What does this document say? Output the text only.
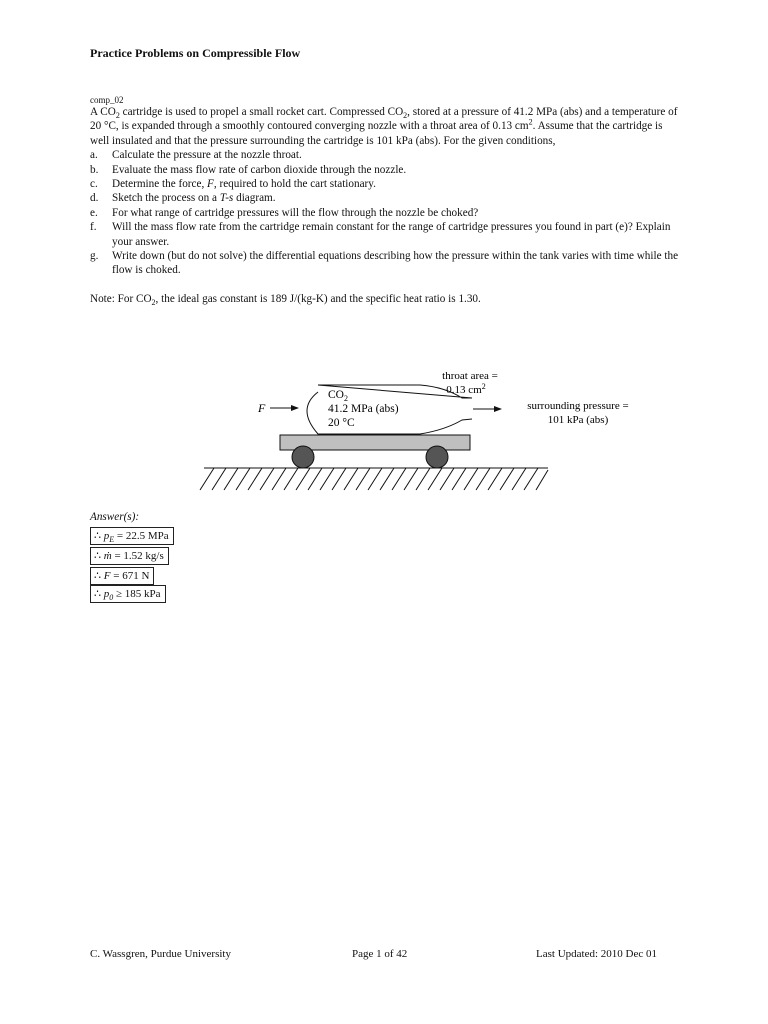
Practice Problems on Compressible Flow
comp_02

A $CO_2$ cartridge is used to propel a small rocket cart. Compressed $CO_2$, stored at a pressure of 41.2 MPa (abs) and a temperature of 20 °C, is expanded through a smoothly contoured converging nozzle with a throat area of 0.13 $cm^2$. Assume that the cartridge is well insulated and that the pressure surrounding the cartridge is 101 kPa (abs). For the given conditions,

a. Calculate the pressure at the nozzle throat.
b. Evaluate the mass flow rate of carbon dioxide through the nozzle.
c. Determine the force, F, required to hold the cart stationary.
d. Sketch the process on a T-s diagram.
e. For what range of cartridge pressures will the flow through the nozzle be choked?
f. Will the mass flow rate from the cartridge remain constant for the range of cartridge pressures you found in part (e)? Explain your answer.
g. Write down (but do not solve) the differential equations describing how the pressure within the tank varies with time while the flow is choked.

Note: For $CO_2$, the ideal gas constant is 189 J/(kg-K) and the specific heat ratio is 1.30.

F
$CO_2$
41.2 MPa (abs)
20 °C
throat area =
0.13 $cm^2$
surrounding pressure =
101 kPa (abs)
Answer(s):
∴ $p_E = 22.5$ MPa
∴ ṁ = 1.52 kg/s
∴ F = 671 N
∴ $p_0 \ge 185$ kPa
C. Wassgren, Purdue University	Page 1 of 42	Last Updated: 2010 Dec 01
